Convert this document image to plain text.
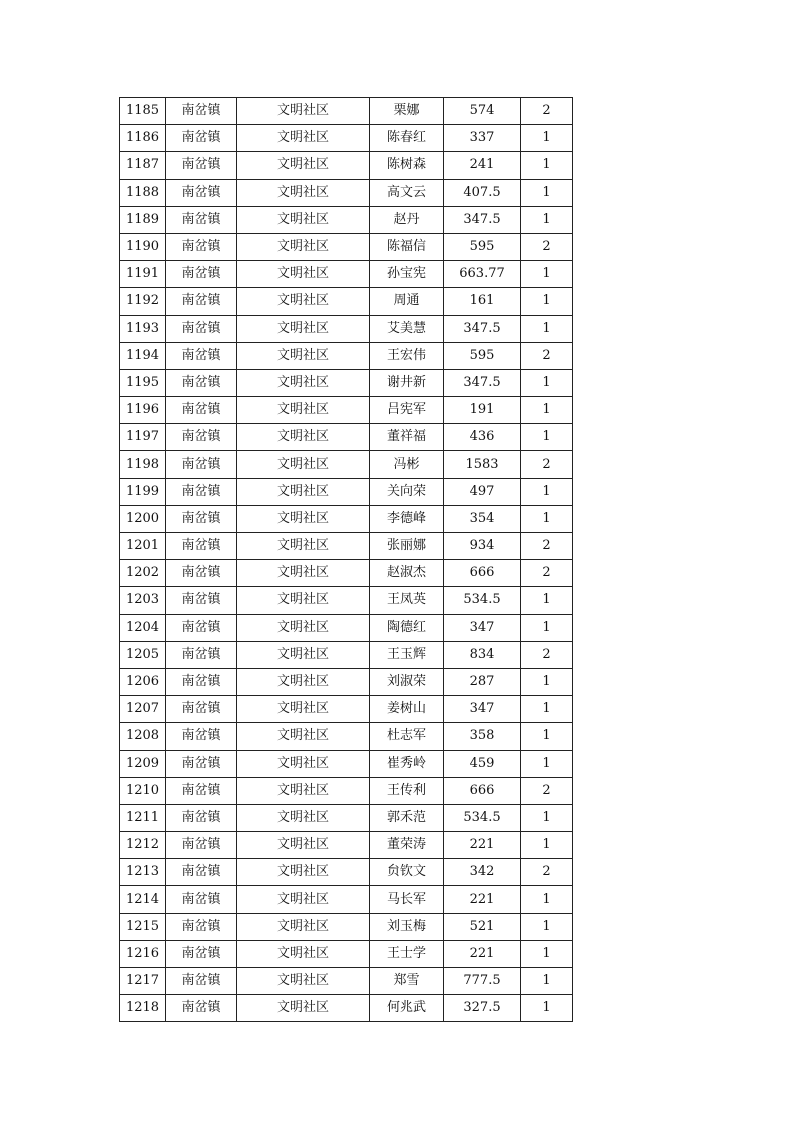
1185	南岔镇	文明社区	栗娜	574	2
1186	南岔镇	文明社区	陈春红	337	1
1187	南岔镇	文明社区	陈树森	241	1
1188	南岔镇	文明社区	高文云	407.5	1
1189	南岔镇	文明社区	赵丹	347.5	1
1190	南岔镇	文明社区	陈福信	595	2
1191	南岔镇	文明社区	孙宝宪	663.77	1
1192	南岔镇	文明社区	周通	161	1
1193	南岔镇	文明社区	艾美慧	347.5	1
1194	南岔镇	文明社区	王宏伟	595	2
1195	南岔镇	文明社区	谢井新	347.5	1
1196	南岔镇	文明社区	吕宪军	191	1
1197	南岔镇	文明社区	董祥福	436	1
1198	南岔镇	文明社区	冯彬	1583	2
1199	南岔镇	文明社区	关向荣	497	1
1200	南岔镇	文明社区	李德峰	354	1
1201	南岔镇	文明社区	张丽娜	934	2
1202	南岔镇	文明社区	赵淑杰	666	2
1203	南岔镇	文明社区	王凤英	534.5	1
1204	南岔镇	文明社区	陶德红	347	1
1205	南岔镇	文明社区	王玉辉	834	2
1206	南岔镇	文明社区	刘淑荣	287	1
1207	南岔镇	文明社区	姜树山	347	1
1208	南岔镇	文明社区	杜志军	358	1
1209	南岔镇	文明社区	崔秀岭	459	1
1210	南岔镇	文明社区	王传利	666	2
1211	南岔镇	文明社区	郭禾范	534.5	1
1212	南岔镇	文明社区	董荣涛	221	1
1213	南岔镇	文明社区	贠钦文	342	2
1214	南岔镇	文明社区	马长军	221	1
1215	南岔镇	文明社区	刘玉梅	521	1
1216	南岔镇	文明社区	王士学	221	1
1217	南岔镇	文明社区	郑雪	777.5	1
1218	南岔镇	文明社区	何兆武	327.5	1
